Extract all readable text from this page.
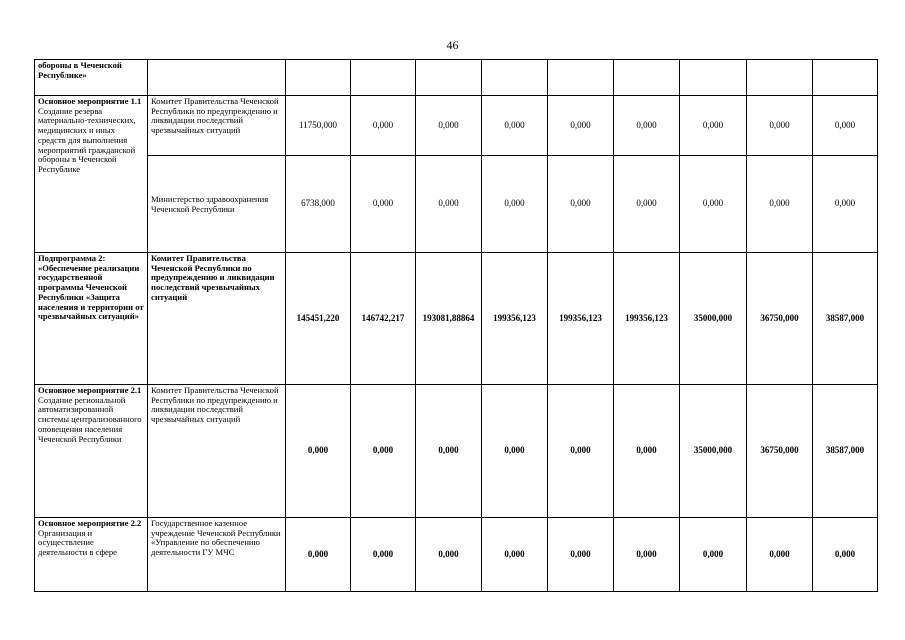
46
обороны в Чеченской Республике»										
Основное мероприятие 1.1
Создание резерва материально-технических, медицинских и иных средств для выполнения мероприятий гражданской обороны в Чеченской Республике	Комитет Правительства Чеченской Республики по предупреждению и ликвидации последствий чрезвычайных ситуаций	11750,000	0,000	0,000	0,000	0,000	0,000	0,000	0,000	0,000
	Министерство здравоохранения Чеченской Республики	6738,000	0,000	0,000	0,000	0,000	0,000	0,000	0,000	0,000
Подпрограмма 2: «Обеспечение реализации государственной программы Чеченской Республики «Защита населения и территории от чрезвычайных ситуаций»	Комитет Правительства Чеченской Республики по предупреждению и ликвидации последствий чрезвычайных ситуаций	145451,220	146742,217	193081,88864	199356,123	199356,123	199356,123	35000,000	36750,000	38587,000
Основное мероприятие 2.1
Создание региональной автоматизированной системы централизованного оповещения населения Чеченской Республики	Комитет Правительства Чеченской Республики по предупреждению и ликвидации последствий чрезвычайных ситуаций	0,000	0,000	0,000	0,000	0,000	0,000	35000,000	36750,000	38587,000
Основное мероприятие 2.2
Организация и осуществление деятельности в сфере	Государственное казенное учреждение Чеченской Республики «Управление по обеспечению деятельности ГУ МЧС	0,000	0,000	0,000	0,000	0,000	0,000	0,000	0,000	0,000
